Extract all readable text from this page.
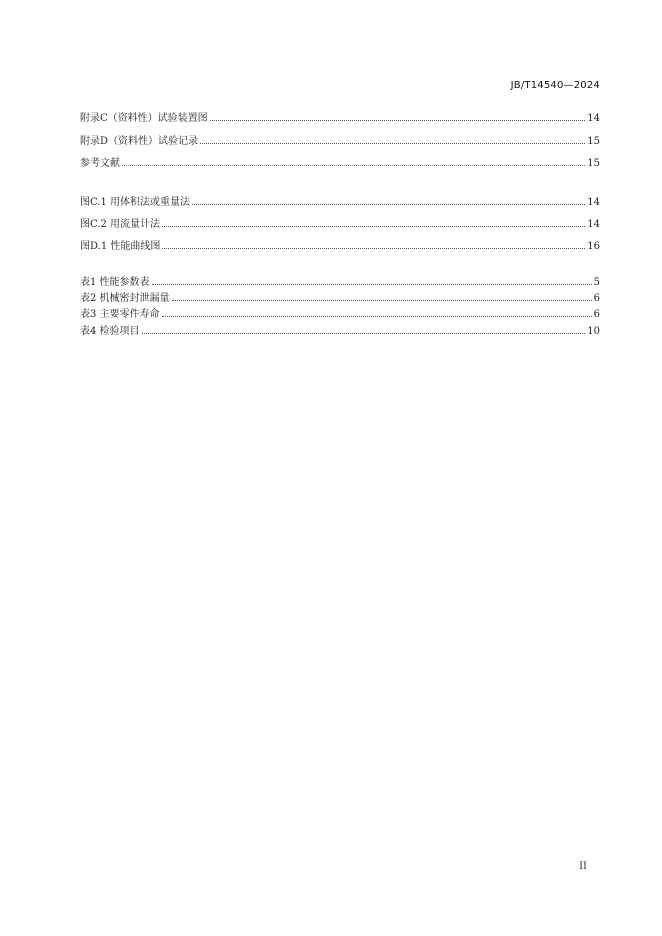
JB/T14540—2024
附录C（资料性）试验装置图	14
附录D（资料性）试验记录	15
参考文献	15
图C.1 用体积法或重量法	14
图C.2 用流量计法	14
图D.1 性能曲线图	16
表1 性能参数表	5
表2 机械密封泄漏量	6
表3 主要零件寿命	6
表4 检验项目	10
II
